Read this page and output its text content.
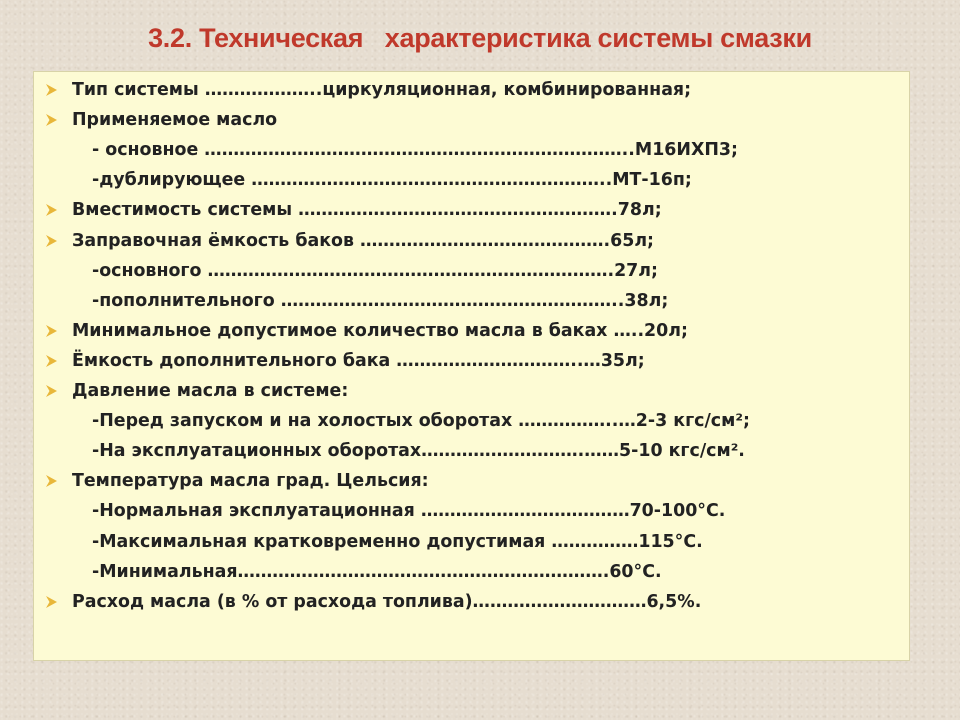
3.2. Техническая   характеристика системы смазки
Тип системы ………………..циркуляционная, комбинированная;
Применяемое масло
- основное ………………………………………………………………..М16ИХП3;
-дублирующее ……………………………………………………..МТ-16п;
Вместимость системы ……………………………………………….78л;
Заправочная ёмкость баков …………………………………….65л;
-основного …………………………………………………………….27л;
-пополнительного …………………………………………………..38л;
Минимальное допустимое количество масла в баках …..20л;
Ёмкость дополнительного бака …………………………..…35л;
Давление масла в системе:
-Перед запуском и на холостых оборотах ……………..…2-3 кгс/см²;
-На эксплуатационных оборотах……………………….……5-10 кгс/см².
Температура масла град. Цельсия:
-Нормальная эксплуатационная ………………………………70-100°С.
-Максимальная кратковременно допустимая ……………115°С.
-Минимальная……………………………………………………….60°С.
Расход масла (в % от расхода топлива)…………………………6,5%.
